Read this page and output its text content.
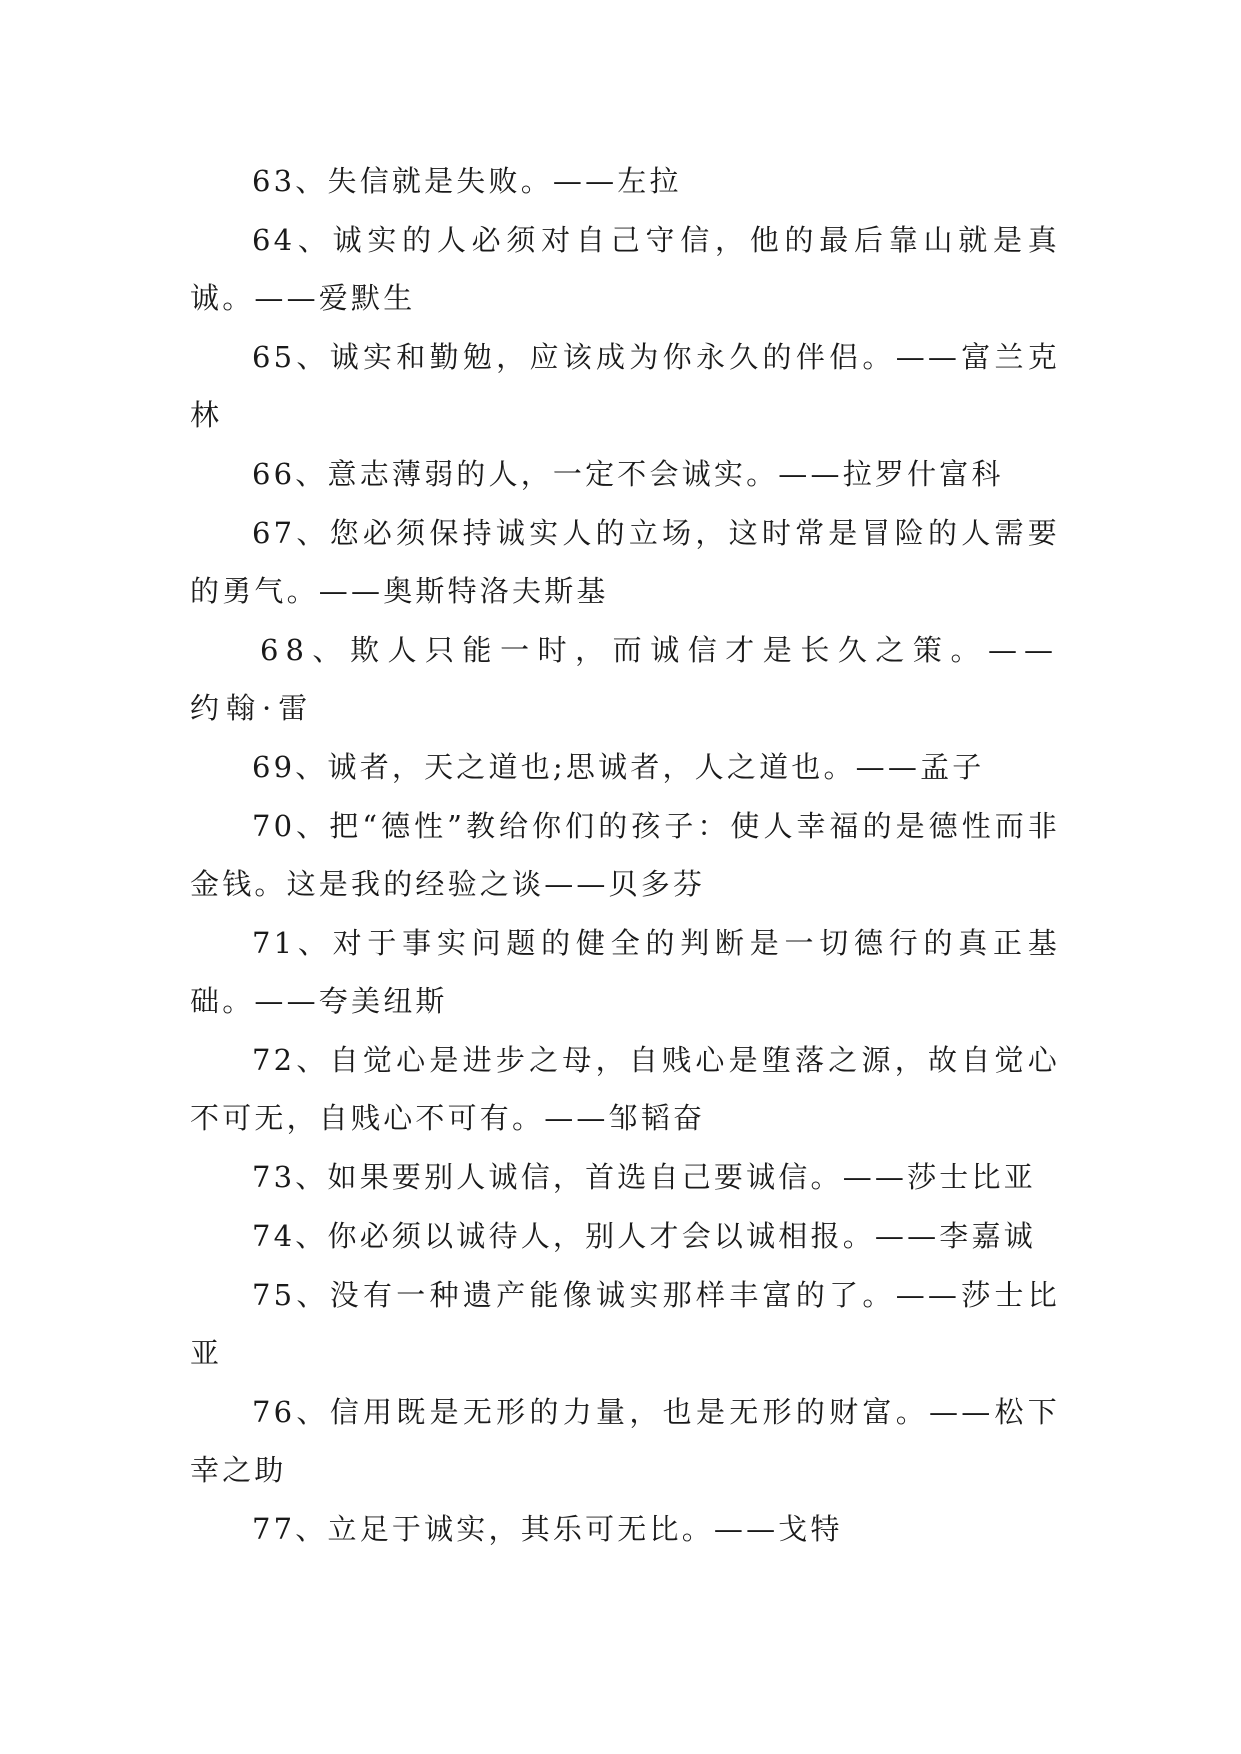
63、失信就是失败。——左拉

64、诚实的人必须对自己守信，他的最后靠山就是真诚。——爱默生

65、诚实和勤勉，应该成为你永久的伴侣。——富兰克林

66、意志薄弱的人，一定不会诚实。——拉罗什富科

67、您必须保持诚实人的立场，这时常是冒险的人需要的勇气。——奥斯特洛夫斯基

68、欺人只能一时，而诚信才是长久之策。——约翰·雷

69、诚者，天之道也;思诚者，人之道也。——孟子

70、把“德性”教给你们的孩子：使人幸福的是德性而非金钱。这是我的经验之谈——贝多芬

71、对于事实问题的健全的判断是一切德行的真正基础。——夸美纽斯

72、自觉心是进步之母，自贱心是堕落之源，故自觉心不可无，自贱心不可有。——邹韬奋

73、如果要别人诚信，首选自己要诚信。——莎士比亚

74、你必须以诚待人，别人才会以诚相报。——李嘉诚

75、没有一种遗产能像诚实那样丰富的了。——莎士比亚

76、信用既是无形的力量，也是无形的财富。——松下幸之助

77、立足于诚实，其乐可无比。——戈特
